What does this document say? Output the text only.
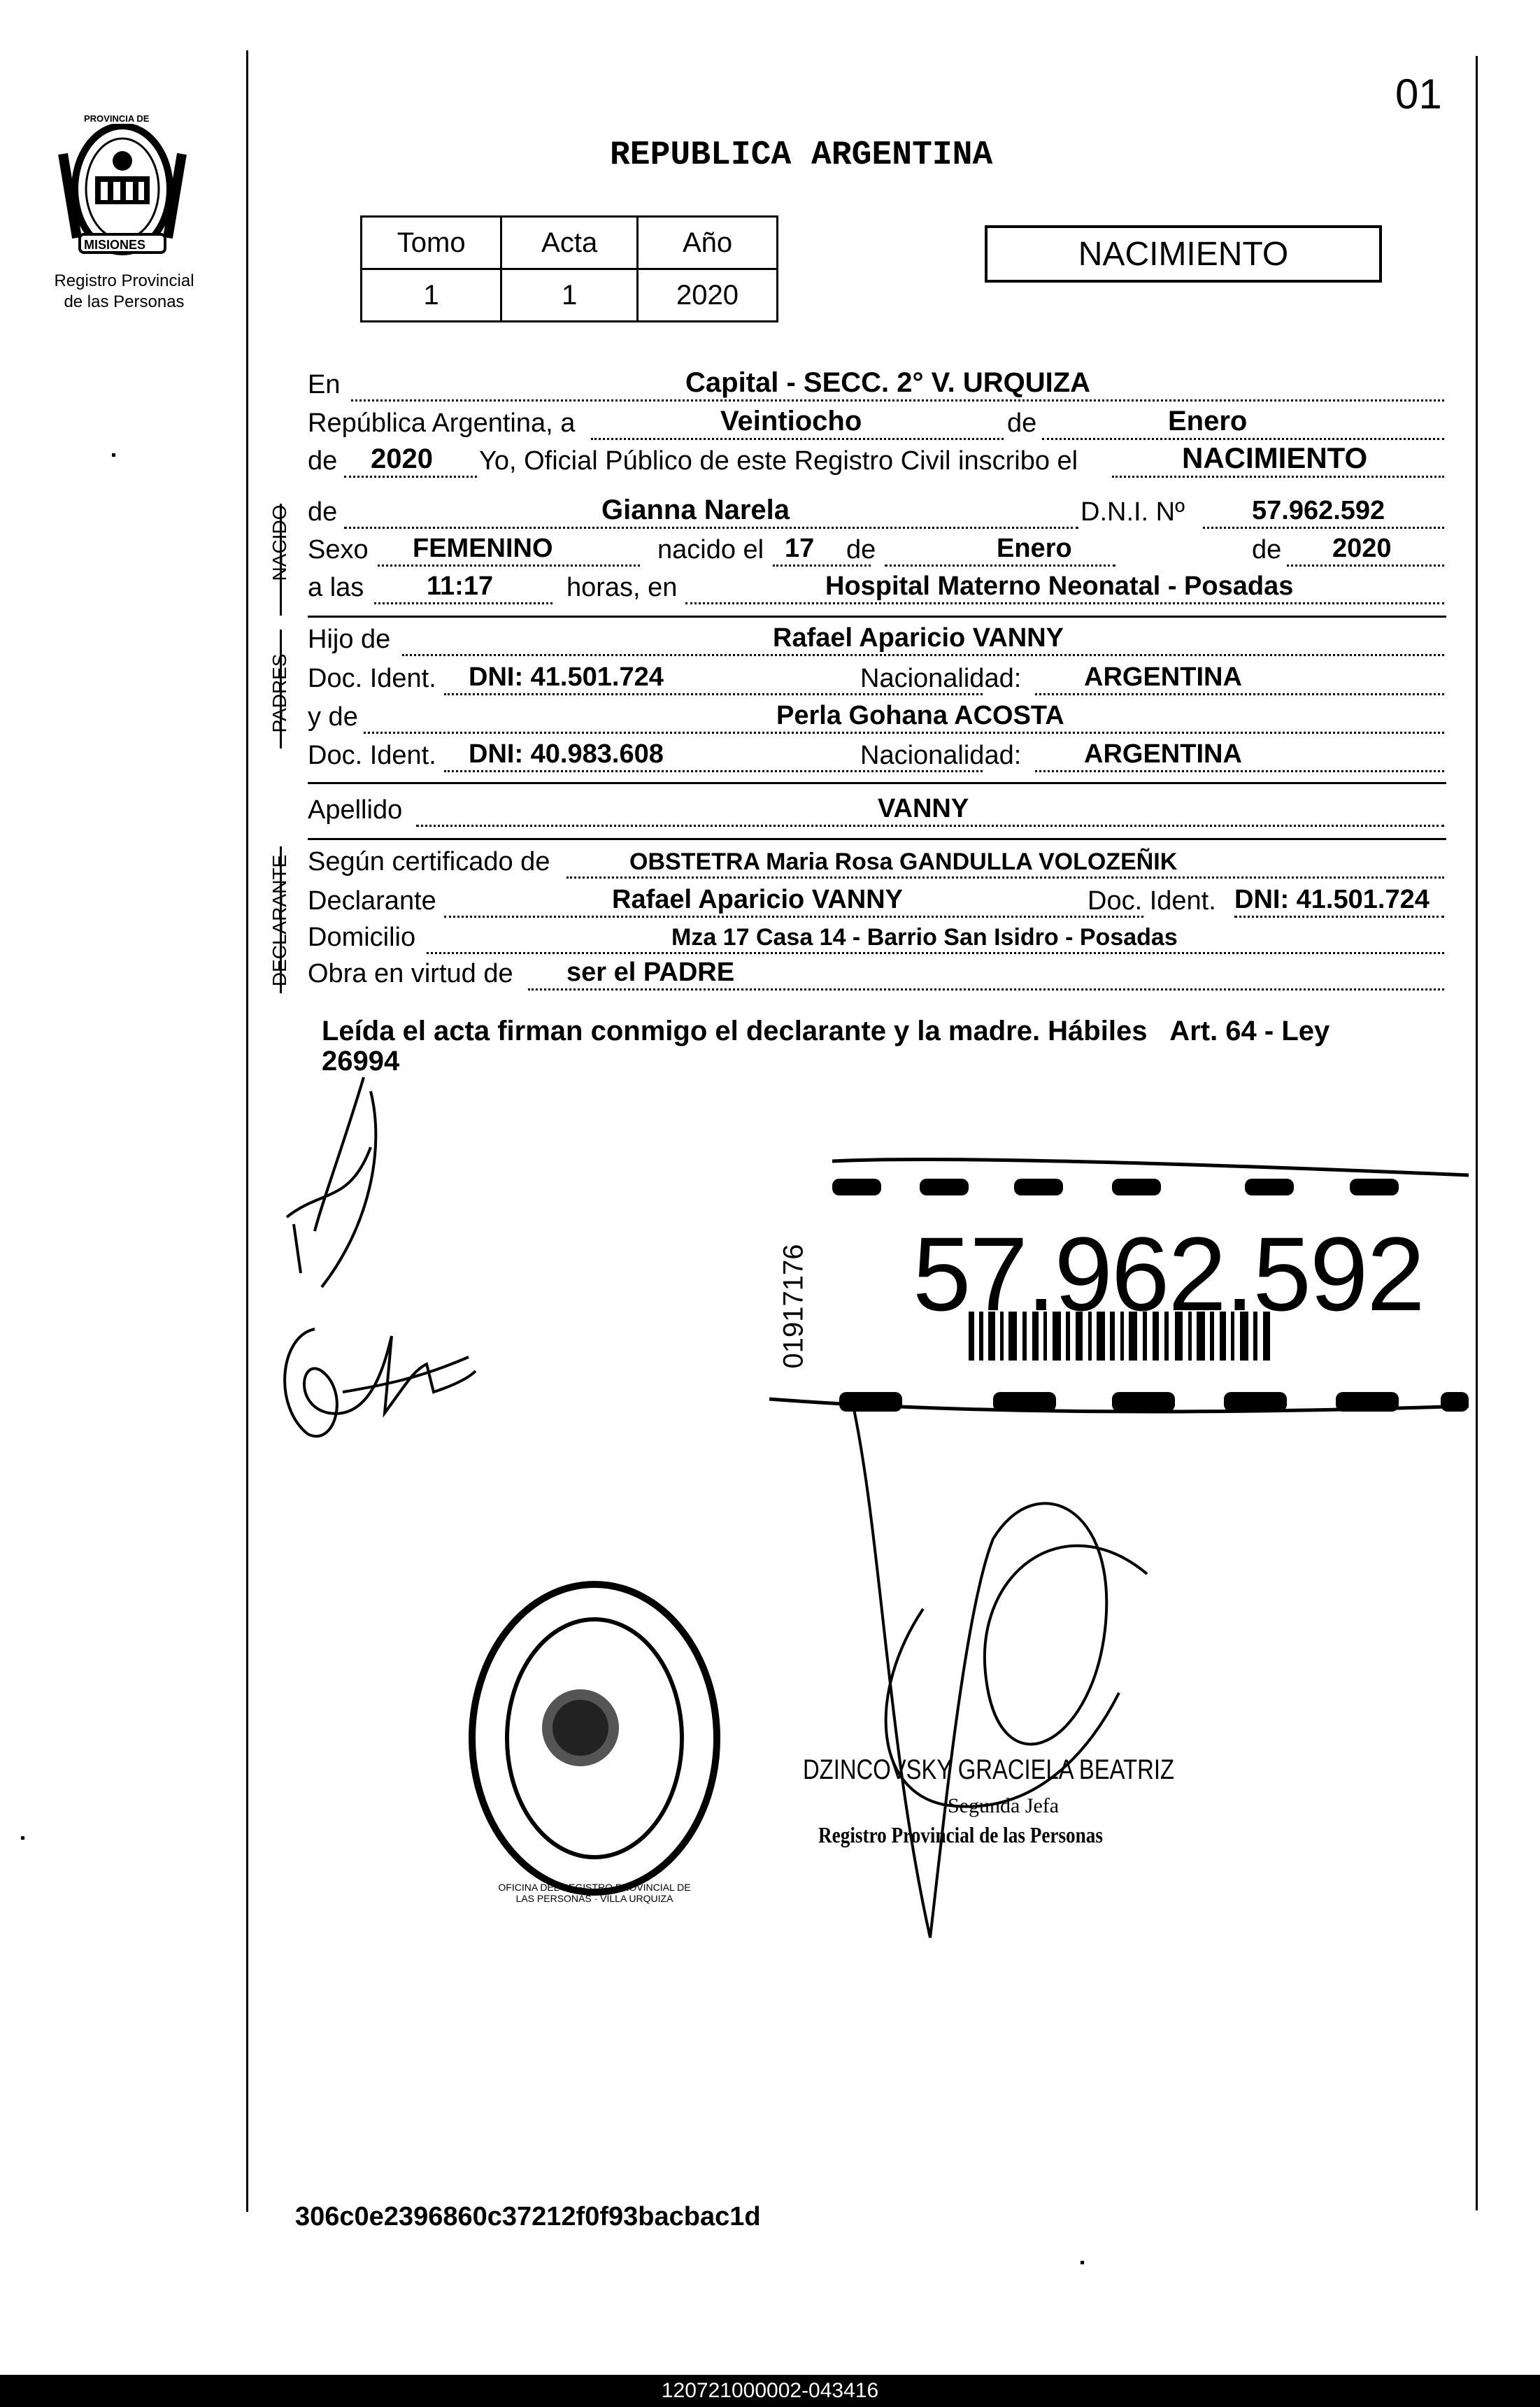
01
PROVINCIA DE
MISIONES
Registro Provincial
de las Personas
REPUBLICA ARGENTINA
Tomo	Acta	Año
1	1	2020
NACIMIENTO
En	Capital - SECC. 2° V. URQUIZA
República Argentina, a	Veintiocho	de	Enero
de 2020 Yo, Oficial Público de este Registro Civil inscribo el	NACIMIENTO
NACIDO de	Gianna Narela	D.N.I. Nº	57.962.592
Sexo FEMENINO	nacido el 17 de	Enero	de 2020
a las 11:17	horas, en	Hospital Materno Neonatal - Posadas
PADRES
Hijo de	Rafael Aparicio VANNY
Doc. Ident. DNI: 41.501.724	Nacionalidad: ARGENTINA
y de	Perla Gohana ACOSTA
Doc. Ident. DNI: 40.983.608	Nacionalidad: ARGENTINA
Apellido	VANNY
DECLARANTE Según certificado de	OBSTETRA Maria Rosa GANDULLA VOLOZEÑIK
Declarante	Rafael Aparicio VANNY	Doc. Ident. DNI: 41.501.724
Domicilio	Mza 17 Casa 14 - Barrio San Isidro - Posadas
Obra en virtud de ser el PADRE
Leída el acta firman conmigo el declarante y la madre. Hábiles   Art. 64 - Ley
26994
01917176 57.962.592
OFICINA DEL REGISTRO PROVINCIAL DE LAS PERSONAS · VILLA URQUIZA
DZINCOVSKY GRACIELA BEATRIZ
Segunda Jefa
Registro Provincial de las Personas
306c0e2396860c37212f0f93bacbac1d
120721000002-043416
